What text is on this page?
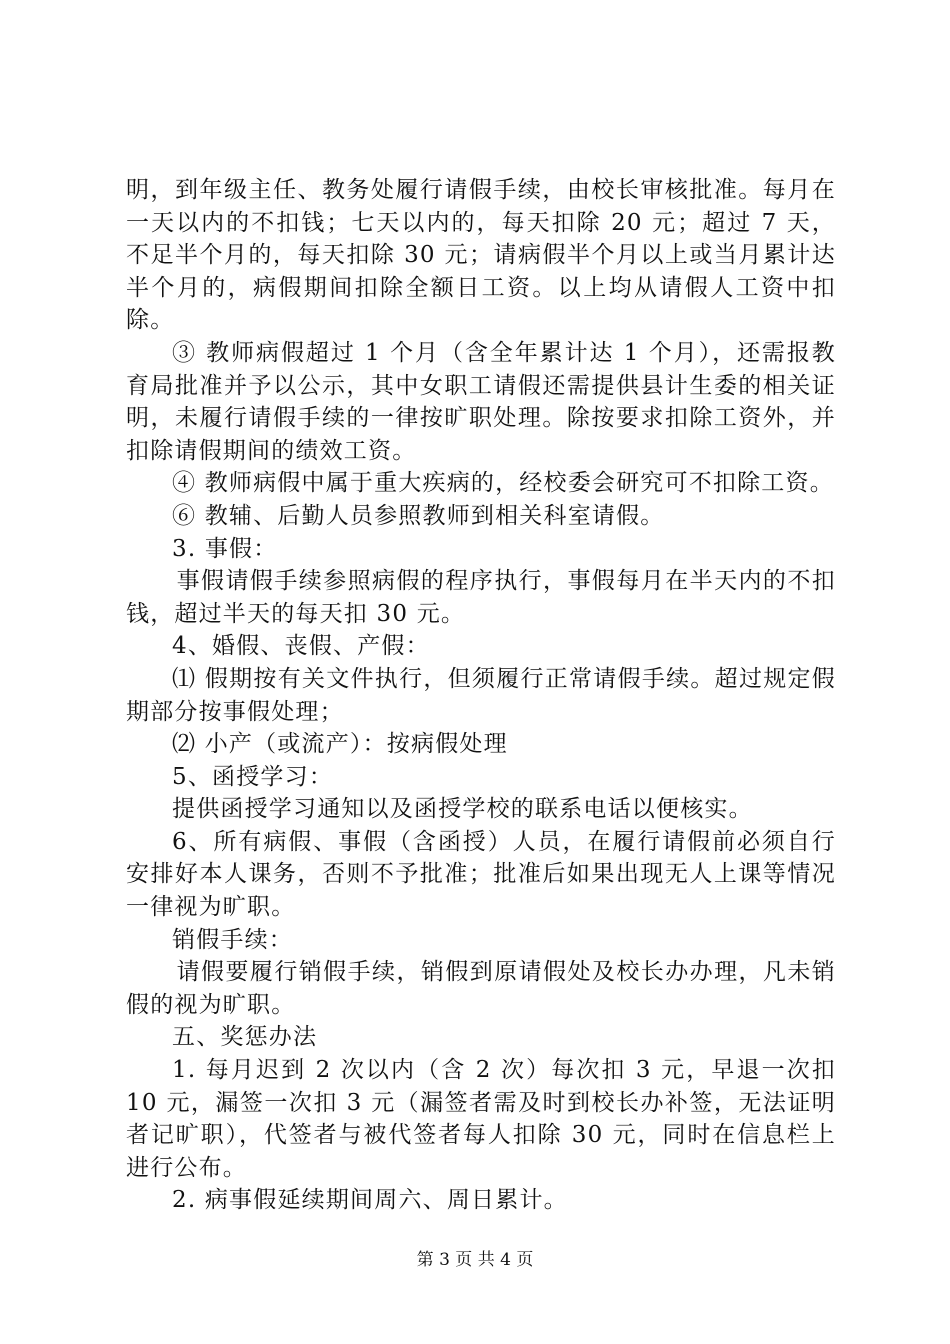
明，到年级主任、教务处履行请假手续，由校长审核批准。每月在一天以内的不扣钱；七天以内的，每天扣除 20 元；超过 7 天，不足半个月的，每天扣除 30 元；请病假半个月以上或当月累计达半个月的，病假期间扣除全额日工资。以上均从请假人工资中扣除。

③ 教师病假超过 1 个月（含全年累计达 1 个月），还需报教育局批准并予以公示，其中女职工请假还需提供县计生委的相关证明，未履行请假手续的一律按旷职处理。除按要求扣除工资外，并扣除请假期间的绩效工资。

④ 教师病假中属于重大疾病的，经校委会研究可不扣除工资。

⑥ 教辅、后勤人员参照教师到相关科室请假。

3. 事假：

事假请假手续参照病假的程序执行，事假每月在半天内的不扣钱，超过半天的每天扣 30 元。

4、婚假、丧假、产假：

⑴ 假期按有关文件执行，但须履行正常请假手续。超过规定假期部分按事假处理；

⑵ 小产（或流产）：按病假处理

5、函授学习：

提供函授学习通知以及函授学校的联系电话以便核实。

6、所有病假、事假（含函授）人员，在履行请假前必须自行安排好本人课务，否则不予批准；批准后如果出现无人上课等情况一律视为旷职。

销假手续：

请假要履行销假手续，销假到原请假处及校长办办理，凡未销假的视为旷职。

五、奖惩办法

1. 每月迟到 2 次以内（含 2 次）每次扣 3 元，早退一次扣 10 元，漏签一次扣 3 元（漏签者需及时到校长办补签，无法证明者记旷职），代签者与被代签者每人扣除 30 元，同时在信息栏上进行公布。

2. 病事假延续期间周六、周日累计。

第 3 页 共 4 页
